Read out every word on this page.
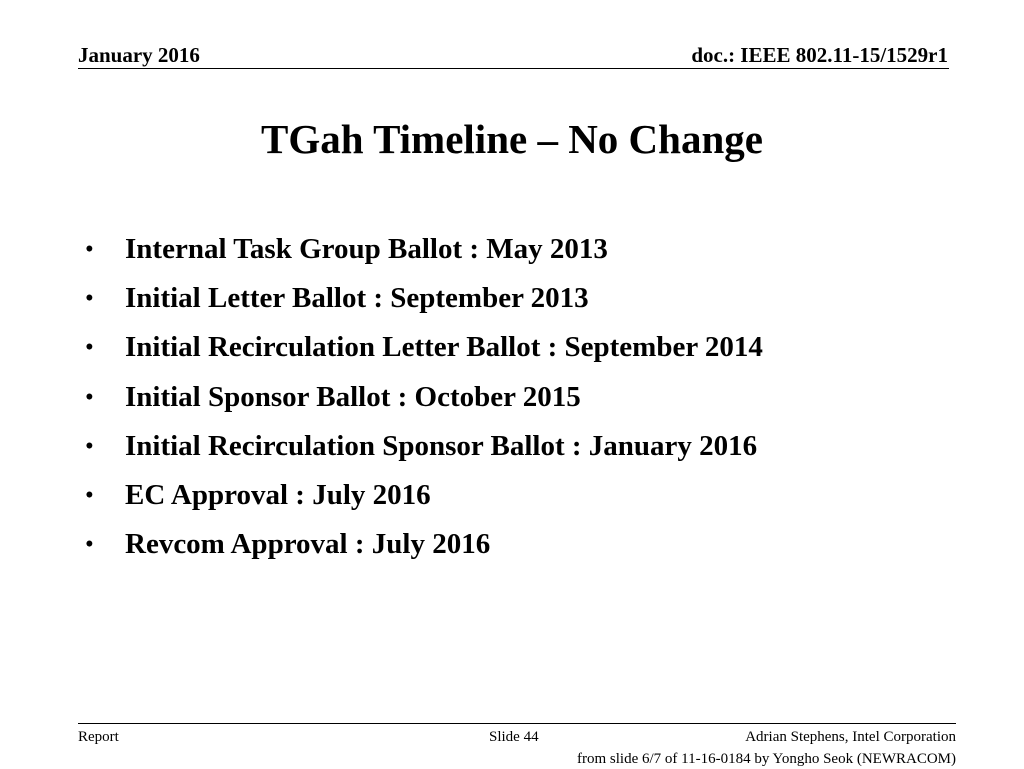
January 2016	doc.: IEEE 802.11-15/1529r1
TGah Timeline – No Change
•	Internal Task Group Ballot : May 2013
•	Initial Letter Ballot : September 2013
•	Initial Recirculation Letter Ballot : September 2014
•	Initial Sponsor Ballot : October 2015
•	Initial Recirculation Sponsor Ballot : January 2016
•	EC Approval : July 2016
•	Revcom Approval : July 2016
Report	Slide 44	Adrian Stephens, Intel Corporation
from slide 6/7 of 11-16-0184 by Yongho Seok (NEWRACOM)
